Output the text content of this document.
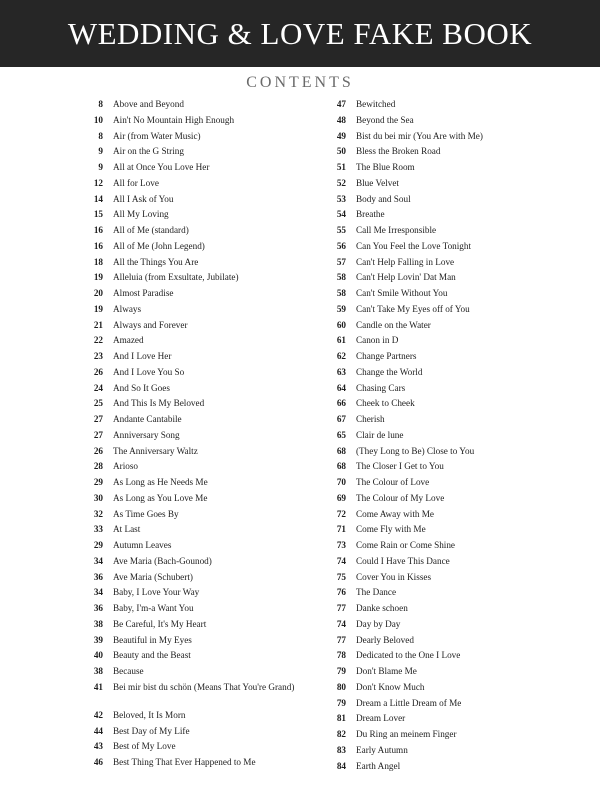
WEDDING & LOVE FAKE BOOK
CONTENTS
8	Above and Beyond
10	Ain't No Mountain High Enough
8	Air (from Water Music)
9	Air on the G String
9	All at Once You Love Her
12	All for Love
14	All I Ask of You
15	All My Loving
16	All of Me (standard)
16	All of Me (John Legend)
18	All the Things You Are
19	Alleluia (from Exsultate, Jubilate)
20	Almost Paradise
19	Always
21	Always and Forever
22	Amazed
23	And I Love Her
26	And I Love You So
24	And So It Goes
25	And This Is My Beloved
27	Andante Cantabile
27	Anniversary Song
26	The Anniversary Waltz
28	Arioso
29	As Long as He Needs Me
30	As Long as You Love Me
32	As Time Goes By
33	At Last
29	Autumn Leaves
34	Ave Maria (Bach-Gounod)
36	Ave Maria (Schubert)
34	Baby, I Love Your Way
36	Baby, I'm-a Want You
38	Be Careful, It's My Heart
39	Beautiful in My Eyes
40	Beauty and the Beast
38	Because
41	Bei mir bist du schön (Means That You're Grand)
42	Beloved, It Is Morn
44	Best Day of My Life
43	Best of My Love
46	Best Thing That Ever Happened to Me
47	Bewitched
48	Beyond the Sea
49	Bist du bei mir (You Are with Me)
50	Bless the Broken Road
51	The Blue Room
52	Blue Velvet
53	Body and Soul
54	Breathe
55	Call Me Irresponsible
56	Can You Feel the Love Tonight
57	Can't Help Falling in Love
58	Can't Help Lovin' Dat Man
58	Can't Smile Without You
59	Can't Take My Eyes off of You
60	Candle on the Water
61	Canon in D
62	Change Partners
63	Change the World
64	Chasing Cars
66	Cheek to Cheek
67	Cherish
65	Clair de lune
68	(They Long to Be) Close to You
68	The Closer I Get to You
70	The Colour of Love
69	The Colour of My Love
72	Come Away with Me
71	Come Fly with Me
73	Come Rain or Come Shine
74	Could I Have This Dance
75	Cover You in Kisses
76	The Dance
77	Danke schoen
74	Day by Day
77	Dearly Beloved
78	Dedicated to the One I Love
79	Don't Blame Me
80	Don't Know Much
79	Dream a Little Dream of Me
81	Dream Lover
82	Du Ring an meinem Finger
83	Early Autumn
84	Earth Angel
